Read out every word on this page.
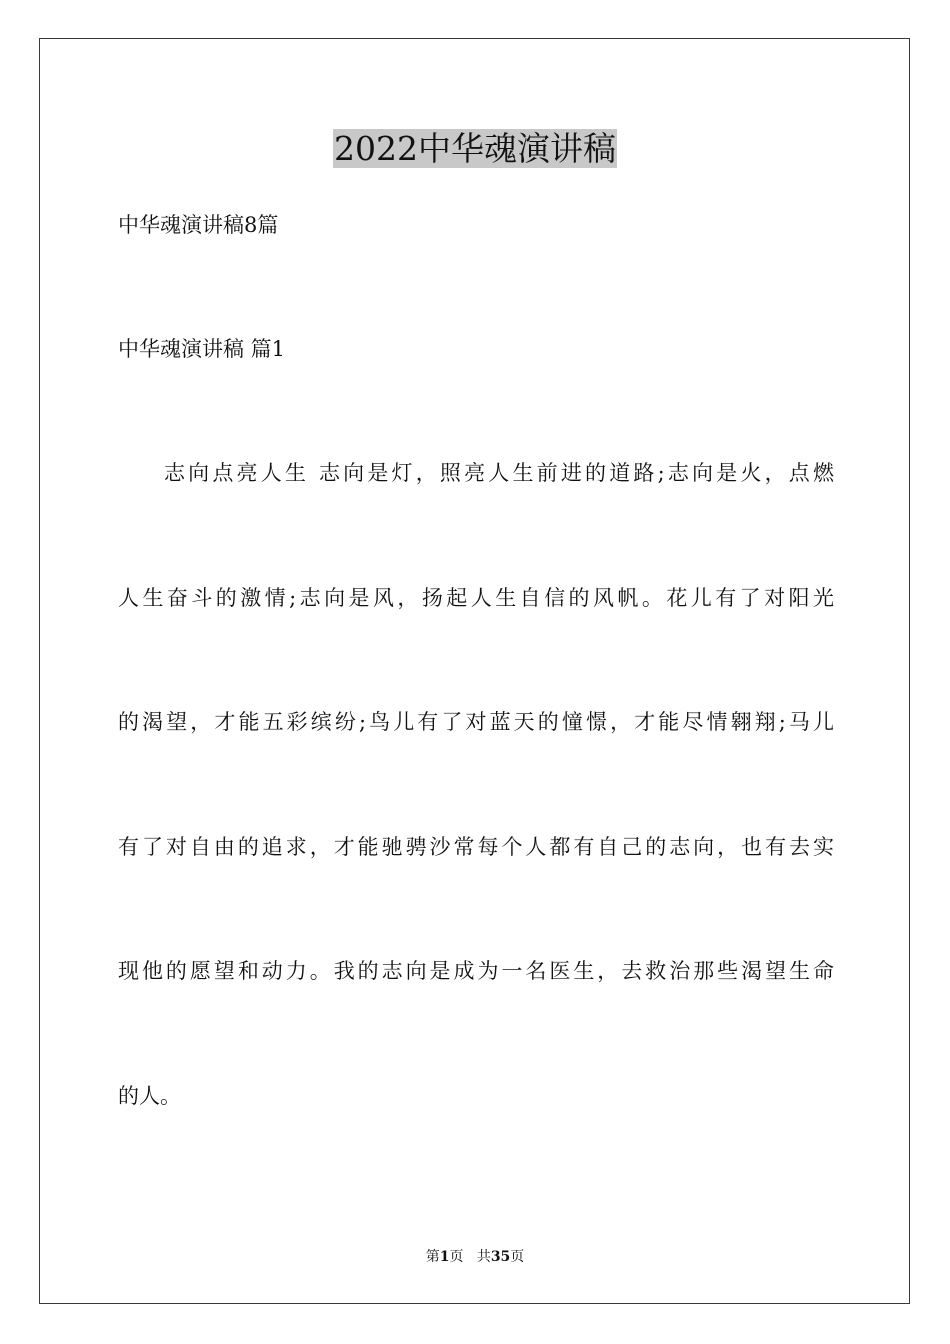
2022中华魂演讲稿
中华魂演讲稿8篇
中华魂演讲稿 篇1
志向点亮人生 志向是灯，照亮人生前进的道路;志向是火，点燃
人生奋斗的激情;志向是风，扬起人生自信的风帆。花儿有了对阳光
的渴望，才能五彩缤纷;鸟儿有了对蓝天的憧憬，才能尽情翱翔;马儿
有了对自由的追求，才能驰骋沙常每个人都有自己的志向，也有去实
现他的愿望和动力。我的志向是成为一名医生，去救治那些渴望生命
的人。
第1页 共35页
